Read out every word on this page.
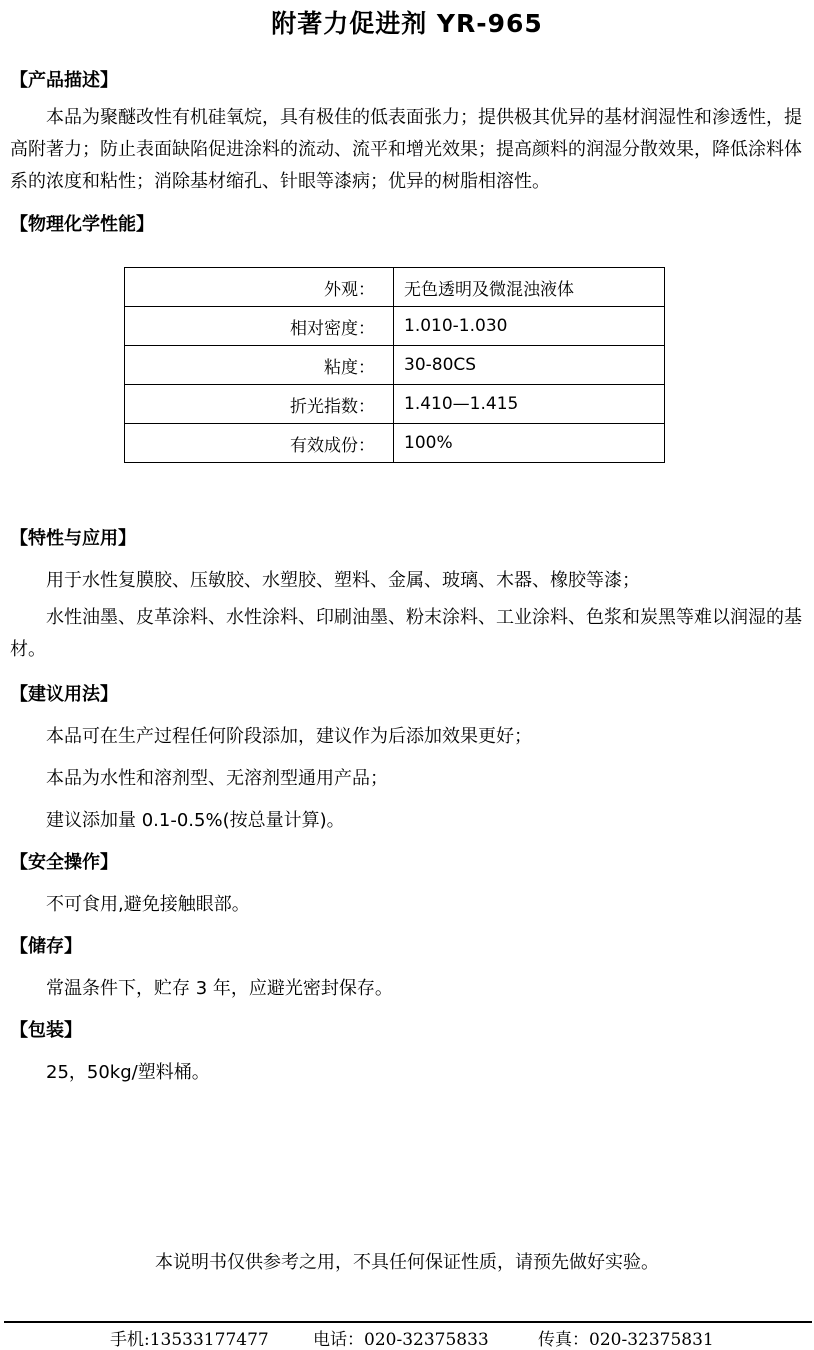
附著力促进剂 YR-965
【产品描述】
本品为聚醚改性有机硅氧烷，具有极佳的低表面张力；提供极其优异的基材润湿性和渗透性，提高附著力；防止表面缺陷促进涂料的流动、流平和增光效果；提高颜料的润湿分散效果，降低涂料体系的浓度和粘性；消除基材缩孔、针眼等漆病；优异的树脂相溶性。
【物理化学性能】
外观：	无色透明及微混浊液体
相对密度：	1.010-1.030
粘度：	30-80CS
折光指数：	1.410—1.415
有效成份：	100%
【特性与应用】
用于水性复膜胶、压敏胶、水塑胶、塑料、金属、玻璃、木器、橡胶等漆；
水性油墨、皮革涂料、水性涂料、印刷油墨、粉末涂料、工业涂料、色浆和炭黑等难以润湿的基材。
【建议用法】
本品可在生产过程任何阶段添加，建议作为后添加效果更好；
本品为水性和溶剂型、无溶剂型通用产品；
建议添加量 0.1-0.5%(按总量计算)。
【安全操作】
不可食用,避免接触眼部。
【储存】
常温条件下，贮存 3 年，应避光密封保存。
【包装】
25，50kg/塑料桶。
本说明书仅供参考之用，不具任何保证性质，请预先做好实验。
手机:13533177477	电话：020-32375833	传真：020-32375831
